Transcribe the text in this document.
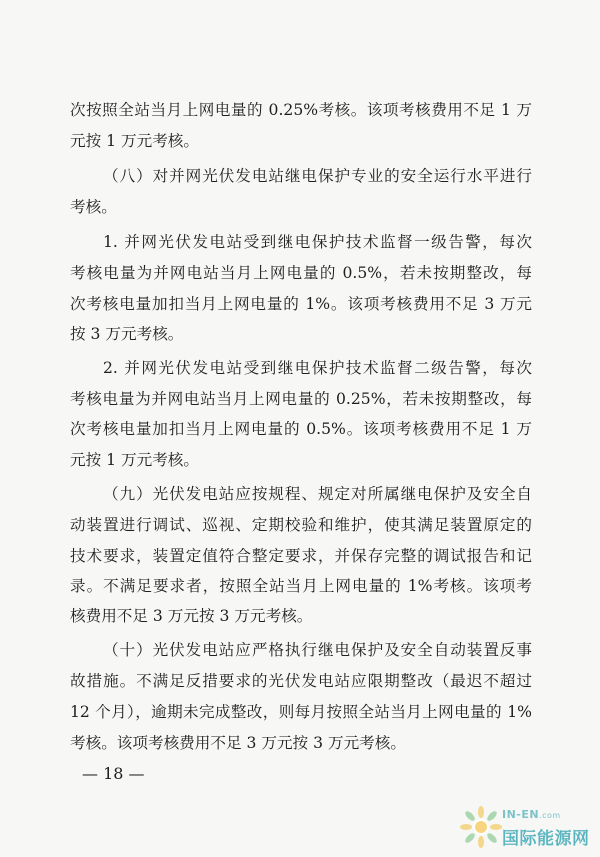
次按照全站当月上网电量的 0.25%考核。该项考核费用不足 1 万
元按 1 万元考核。
（八）对并网光伏发电站继电保护专业的安全运行水平进行
考核。
1. 并网光伏发电站受到继电保护技术监督一级告警，每次
考核电量为并网电站当月上网电量的 0.5%，若未按期整改，每
次考核电量加扣当月上网电量的 1%。该项考核费用不足 3 万元
按 3 万元考核。
2. 并网光伏发电站受到继电保护技术监督二级告警，每次
考核电量为并网电站当月上网电量的 0.25%，若未按期整改，每
次考核电量加扣当月上网电量的 0.5%。该项考核费用不足 1 万
元按 1 万元考核。
（九）光伏发电站应按规程、规定对所属继电保护及安全自
动装置进行调试、巡视、定期校验和维护，使其满足装置原定的
技术要求，装置定值符合整定要求，并保存完整的调试报告和记
录。不满足要求者，按照全站当月上网电量的 1%考核。该项考
核费用不足 3 万元按 3 万元考核。
（十）光伏发电站应严格执行继电保护及安全自动装置反事
故措施。不满足反措要求的光伏发电站应限期整改（最迟不超过
12 个月），逾期未完成整改，则每月按照全站当月上网电量的 1%
考核。该项考核费用不足 3 万元按 3 万元考核。
— 18 —
IN-EN.com
国际能源网
